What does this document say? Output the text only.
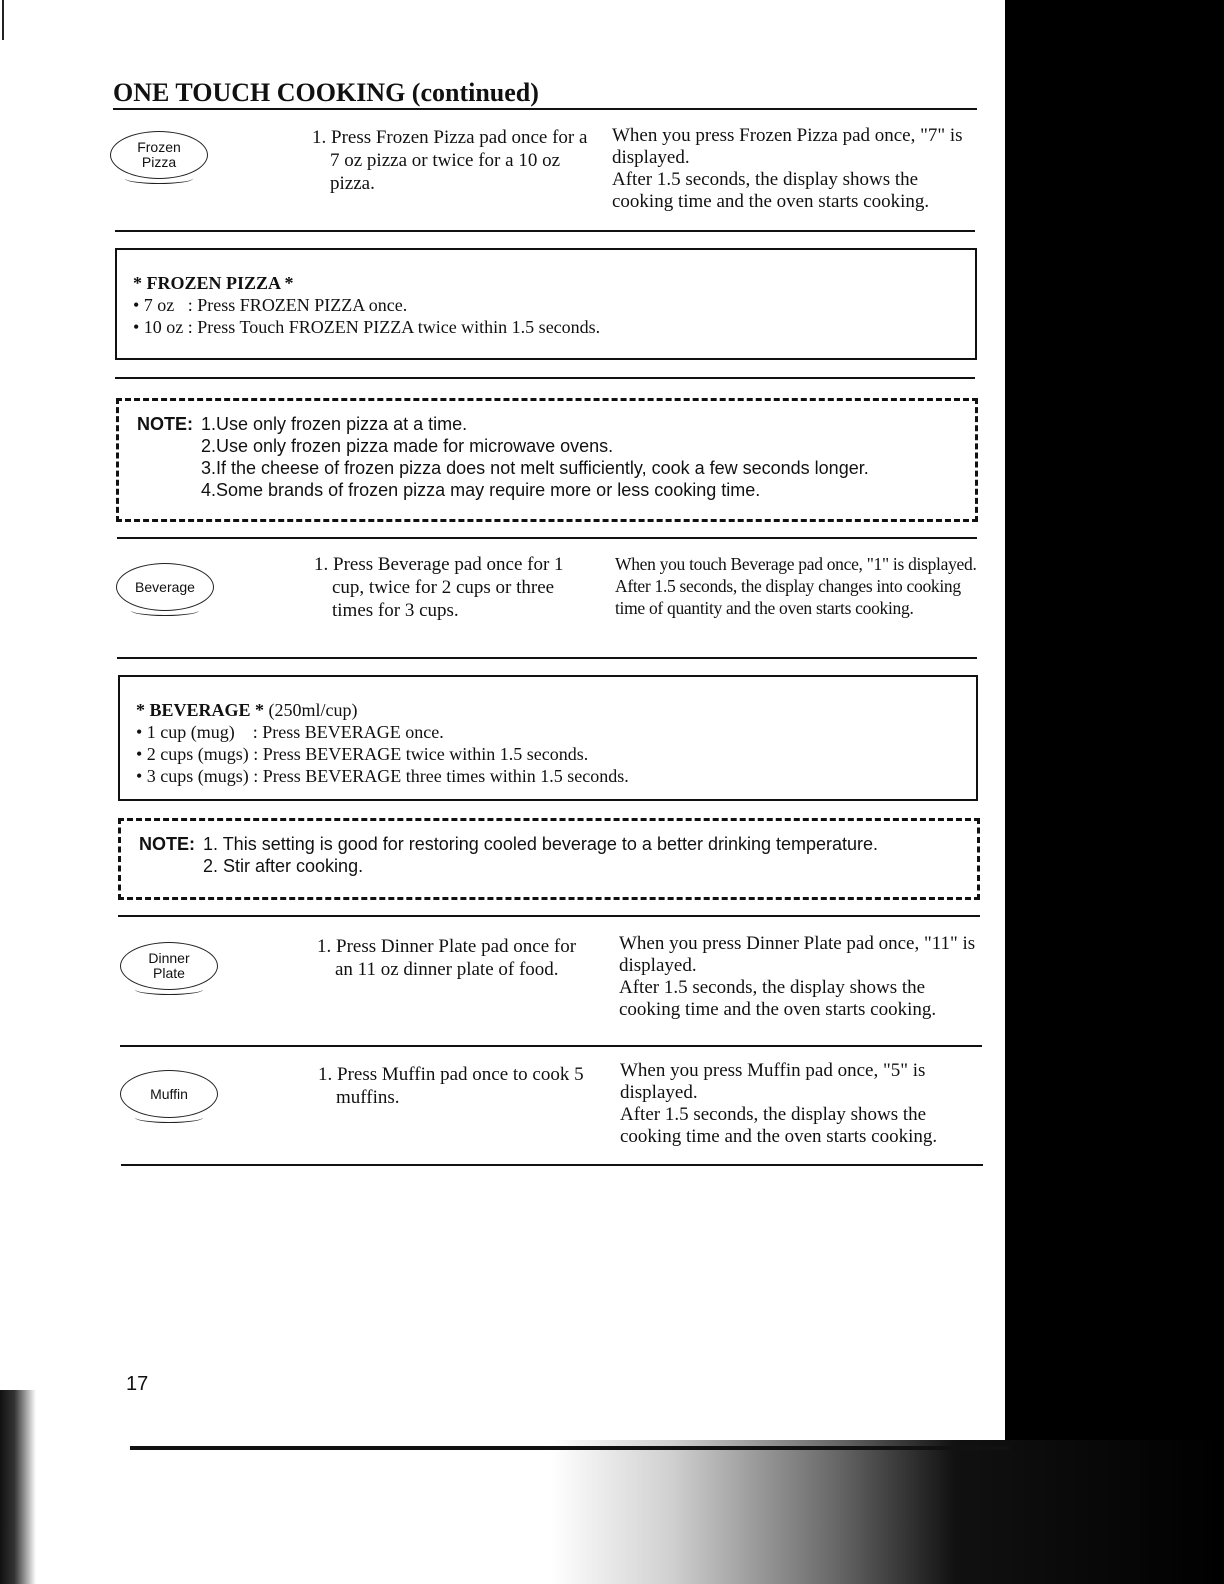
ONE TOUCH COOKING (continued)
Frozen
Pizza
1. Press Frozen Pizza pad once for a 7 oz pizza or twice for a 10 oz pizza.

When you press Frozen Pizza pad once, "7" is displayed.

After 1.5 seconds, the display shows the cooking time and the oven starts cooking.

* FROZEN PIZZA *
• 7 oz   : Press FROZEN PIZZA once.
• 10 oz : Press Touch FROZEN PIZZA twice within 1.5 seconds.
NOTE: 1.Use only frozen pizza at a time.
2.Use only frozen pizza made for microwave ovens.
3.If the cheese of frozen pizza does not melt sufficiently, cook a few seconds longer.
4.Some brands of frozen pizza may require more or less cooking time.
Beverage
1. Press Beverage pad once for 1 cup, twice for 2 cups or three times for 3 cups.

When you touch Beverage pad once, "1" is displayed.

After 1.5 seconds, the display changes into cooking time of quantity and the oven starts cooking.

* BEVERAGE * (250ml/cup)
• 1 cup (mug)    : Press BEVERAGE once.
• 2 cups (mugs) : Press BEVERAGE twice within 1.5 seconds.
• 3 cups (mugs) : Press BEVERAGE three times within 1.5 seconds.
NOTE: 1. This setting is good for restoring cooled beverage to a better drinking temperature.
2. Stir after cooking.
Dinner
Plate
1. Press Dinner Plate pad once for an 11 oz dinner plate of food.

When you press Dinner Plate pad once, "11" is displayed.

After 1.5 seconds, the display shows the cooking time and the oven starts cooking.

Muffin
1. Press Muffin pad once to cook 5 muffins.

When you press Muffin pad once, "5" is displayed.

After 1.5 seconds, the display shows the cooking time and the oven starts cooking.

17
